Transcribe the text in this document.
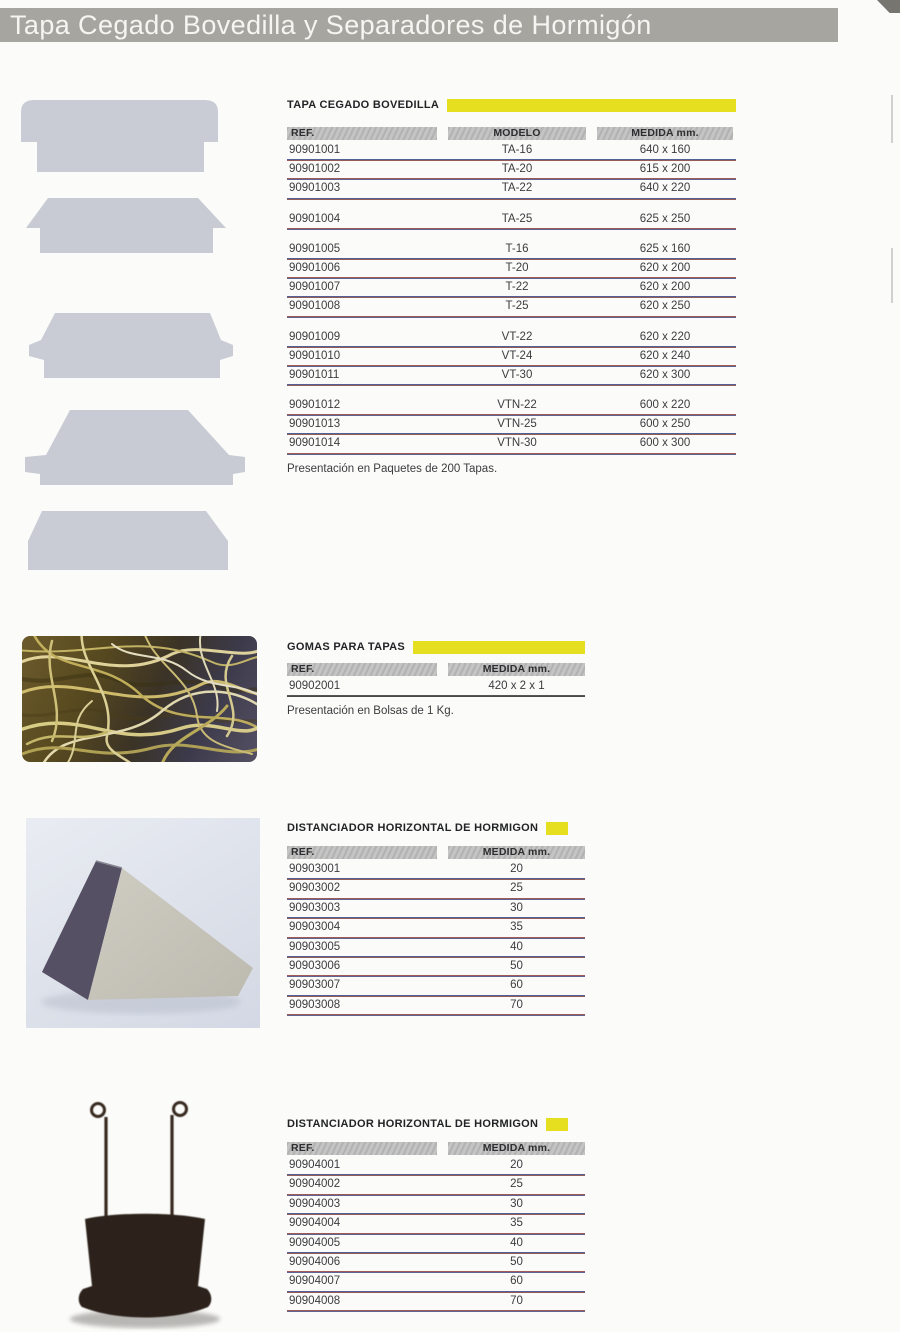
Tapa Cegado Bovedilla y Separadores de Hormigón
TAPA CEGADO BOVEDILLA
REF.	MODELO	MEDIDA mm.
90901001	TA-16	640 x 160
90901002	TA-20	615 x 200
90901003	TA-22	640 x 220
90901004	TA-25	625 x 250
90901005	T-16	625 x 160
90901006	T-20	620 x 200
90901007	T-22	620 x 200
90901008	T-25	620 x 250
90901009	VT-22	620 x 220
90901010	VT-24	620 x 240
90901011	VT-30	620 x 300
90901012	VTN-22	600 x 220
90901013	VTN-25	600 x 250
90901014	VTN-30	600 x 300

Presentación en Paquetes de 200 Tapas.

GOMAS PARA TAPAS
REF.	MEDIDA mm.
90902001	420 x 2 x 1

Presentación en Bolsas de 1 Kg.

DISTANCIADOR HORIZONTAL DE HORMIGON
REF.	MEDIDA mm.
90903001	20
90903002	25
90903003	30
90903004	35
90903005	40
90903006	50
90903007	60
90903008	70
DISTANCIADOR HORIZONTAL DE HORMIGON
REF.	MEDIDA mm.
90904001	20
90904002	25
90904003	30
90904004	35
90904005	40
90904006	50
90904007	60
90904008	70
